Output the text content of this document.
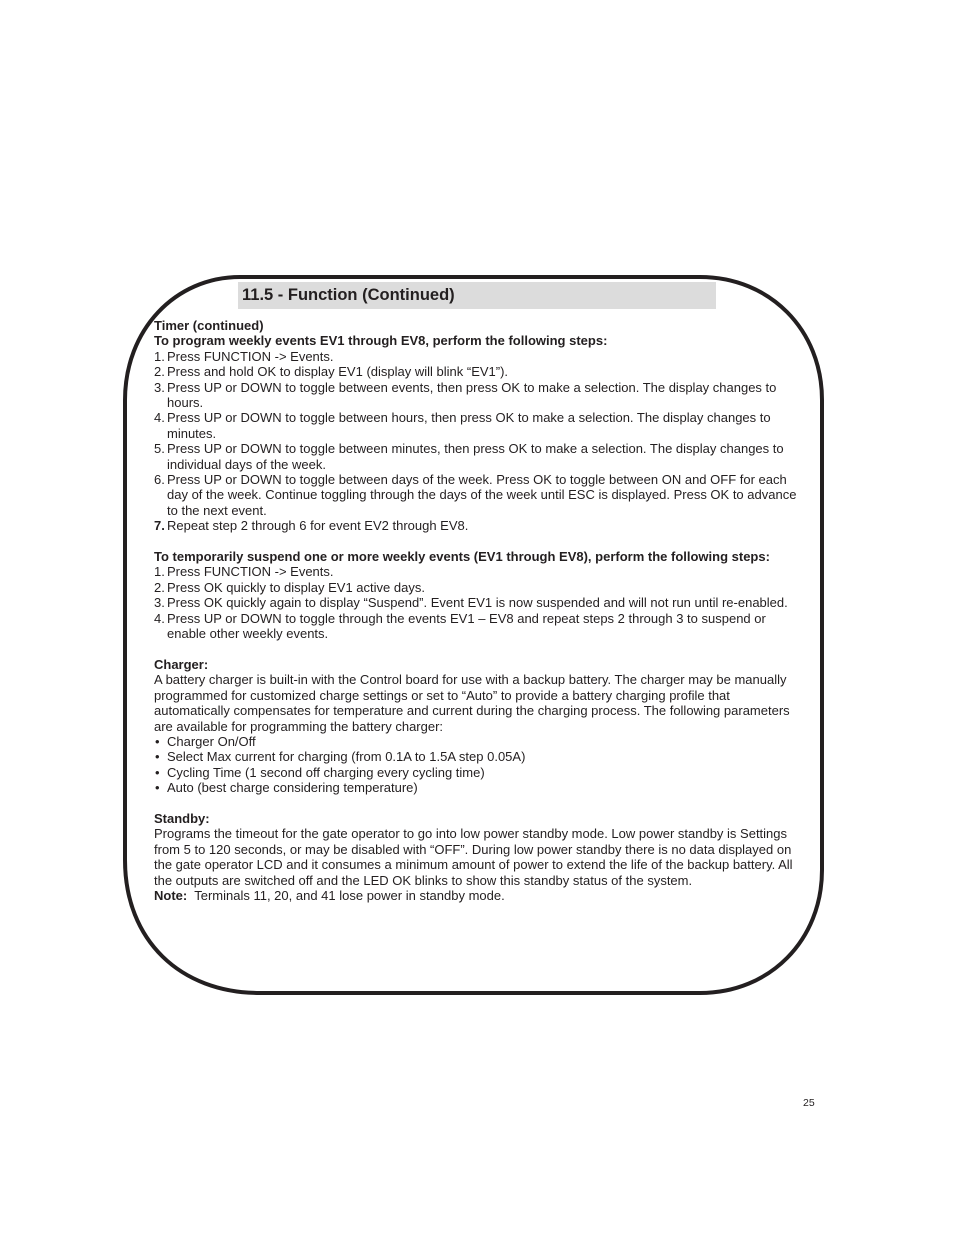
11.5 - Function (Continued)
Timer (continued)
To program weekly events EV1 through EV8, perform the following steps:
1. Press FUNCTION -> Events.
2. Press and hold OK to display EV1 (display will blink “EV1”).
3. Press UP or DOWN to toggle between events, then press OK to make a selection. The display changes to hours.
4. Press UP or DOWN to toggle between hours, then press OK to make a selection. The display changes to minutes.
5. Press UP or DOWN to toggle between minutes, then press OK to make a selection. The display changes to individual days of the week.
6. Press UP or DOWN to toggle between days of the week. Press OK to toggle between ON and OFF for each day of the week. Continue toggling through the days of the week until ESC is displayed. Press OK to advance to the next event.
7. Repeat step 2 through 6 for event EV2 through EV8.
To temporarily suspend one or more weekly events (EV1 through EV8), perform the following steps:
1. Press FUNCTION -> Events.
2. Press OK quickly to display EV1 active days.
3. Press OK quickly again to display “Suspend”. Event EV1 is now suspended and will not run until re-enabled.
4. Press UP or DOWN to toggle through the events EV1 – EV8 and repeat steps 2 through 3 to suspend or enable other weekly events.
Charger:
A battery charger is built-in with the Control board for use with a backup battery. The charger may be manually programmed for customized charge settings or set to “Auto” to provide a battery charging profile that automatically compensates for temperature and current during the charging process. The following parameters are available for programming the battery charger:
• Charger On/Off
• Select Max current for charging (from 0.1A to 1.5A step 0.05A)
• Cycling Time (1 second off charging every cycling time)
• Auto (best charge considering temperature)
Standby:
Programs the timeout for the gate operator to go into low power standby mode. Low power standby is Settings from 5 to 120 seconds, or may be disabled with “OFF”. During low power standby there is no data displayed on the gate operator LCD and it consumes a minimum amount of power to extend the life of the backup battery. All the outputs are switched off and the LED OK blinks to show this standby status of the system.
Note: Terminals 11, 20, and 41 lose power in standby mode.
25
